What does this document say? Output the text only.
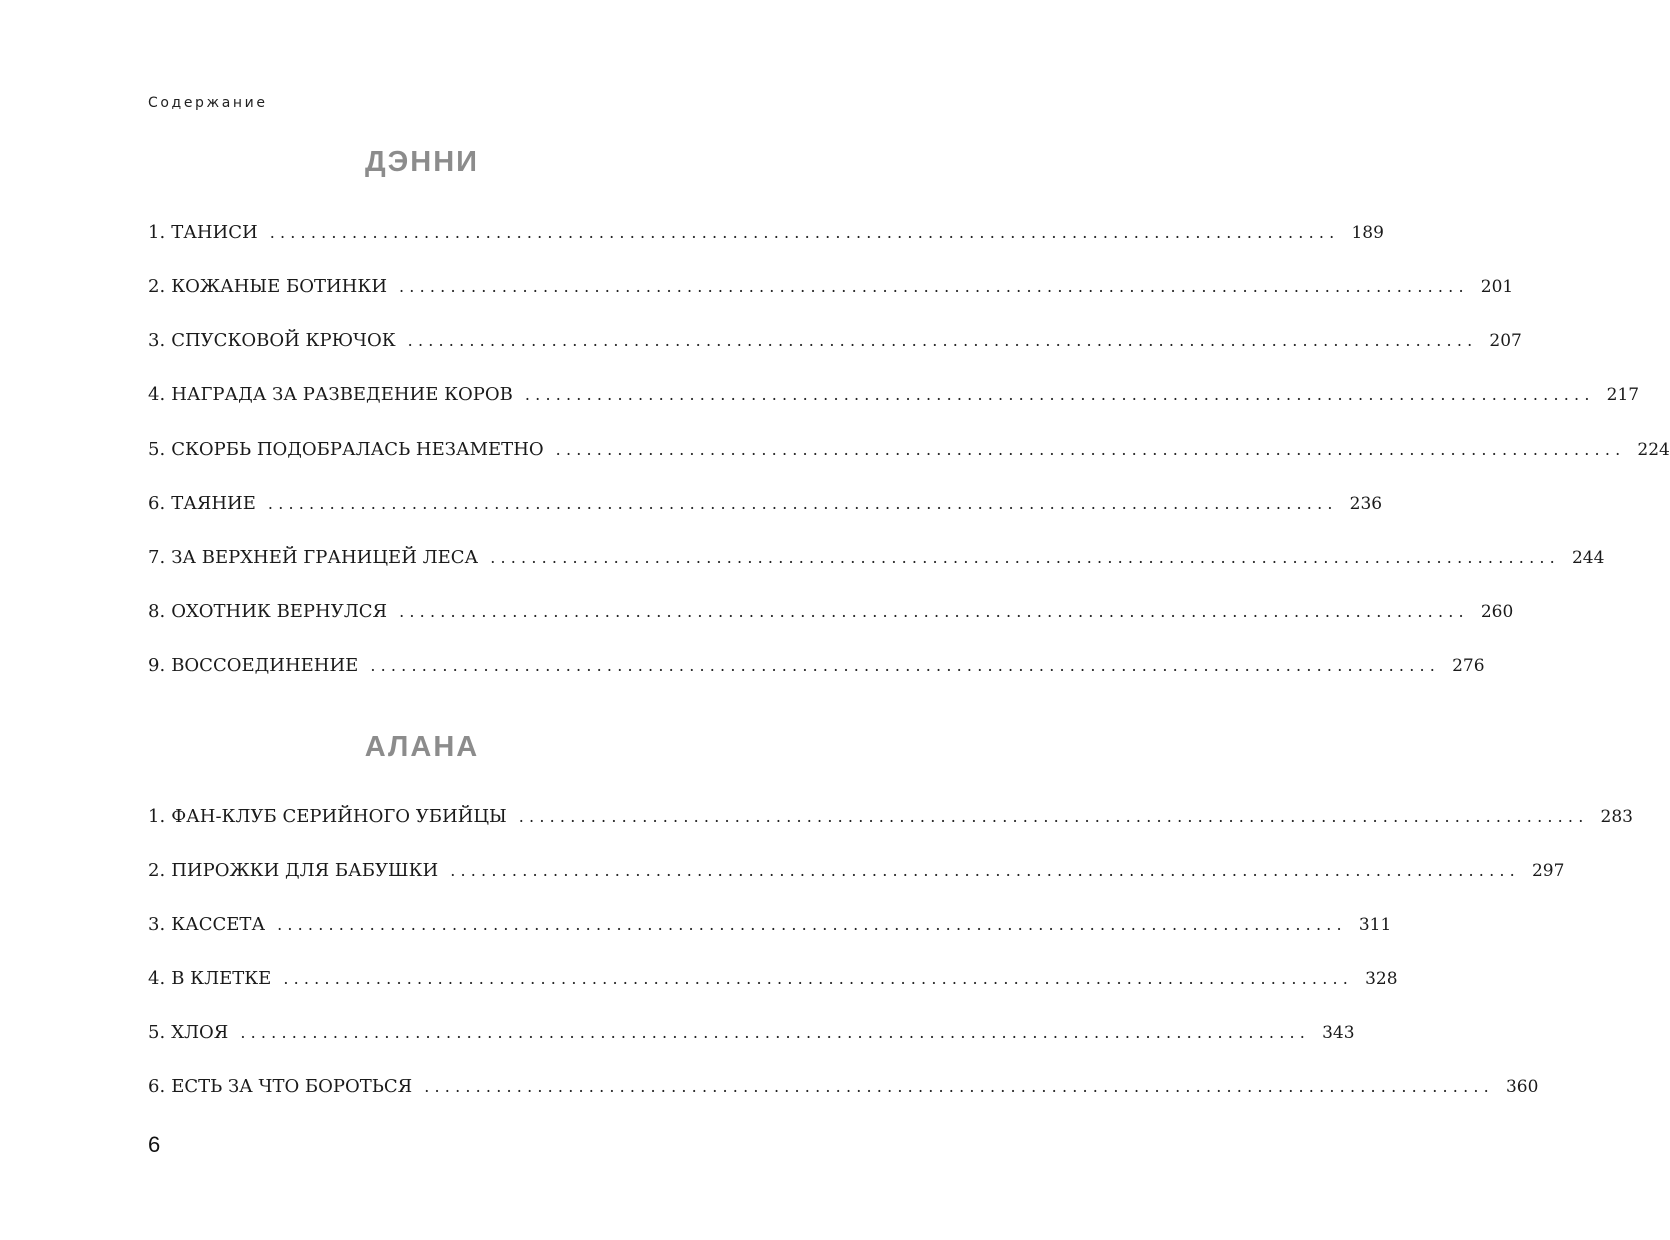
Содержание
ДЭННИ
1. ТАНИСИ ........................................................................................................ 189
2. КОЖАНЫЕ БОТИНКИ ........................................................................................................ 201
3. СПУСКОВОЙ КРЮЧОК ........................................................................................................ 207
4. НАГРАДА ЗА РАЗВЕДЕНИЕ КОРОВ ........................................................................................................ 217
5. СКОРБЬ ПОДОБРАЛАСЬ НЕЗАМЕТНО ........................................................................................................ 224
6. ТАЯНИЕ ........................................................................................................ 236
7. ЗА ВЕРХНЕЙ ГРАНИЦЕЙ ЛЕСА ........................................................................................................ 244
8. ОХОТНИК ВЕРНУЛСЯ ........................................................................................................ 260
9. ВОССОЕДИНЕНИЕ ........................................................................................................ 276
АЛАНА
1. ФАН-КЛУБ СЕРИЙНОГО УБИЙЦЫ ........................................................................................................ 283
2. ПИРОЖКИ ДЛЯ БАБУШКИ ........................................................................................................ 297
3. КАССЕТА ........................................................................................................ 311
4. В КЛЕТКЕ ........................................................................................................ 328
5. ХЛОЯ ........................................................................................................ 343
6. ЕСТЬ ЗА ЧТО БОРОТЬСЯ ........................................................................................................ 360
6
